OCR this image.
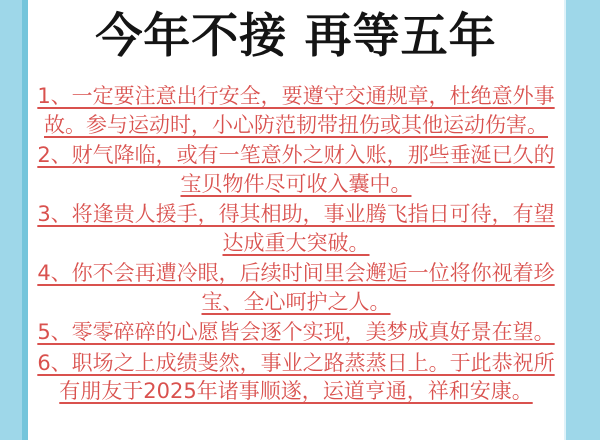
今年不接 再等五年
1、一定要注意出行安全，要遵守交通规章，杜绝意外事故。参与运动时，小心防范韧带扭伤或其他运动伤害。
2、财气降临，或有一笔意外之财入账，那些垂涎已久的宝贝物件尽可收入囊中。
3、将逢贵人援手，得其相助，事业腾飞指日可待，有望达成重大突破。
4、你不会再遭冷眼，后续时间里会邂逅一位将你视着珍宝、全心呵护之人。
5、零零碎碎的心愿皆会逐个实现，美梦成真好景在望。
6、职场之上成绩斐然，事业之路蒸蒸日上。于此恭祝所有朋友于2025年诸事顺遂，运道亨通，祥和安康。
